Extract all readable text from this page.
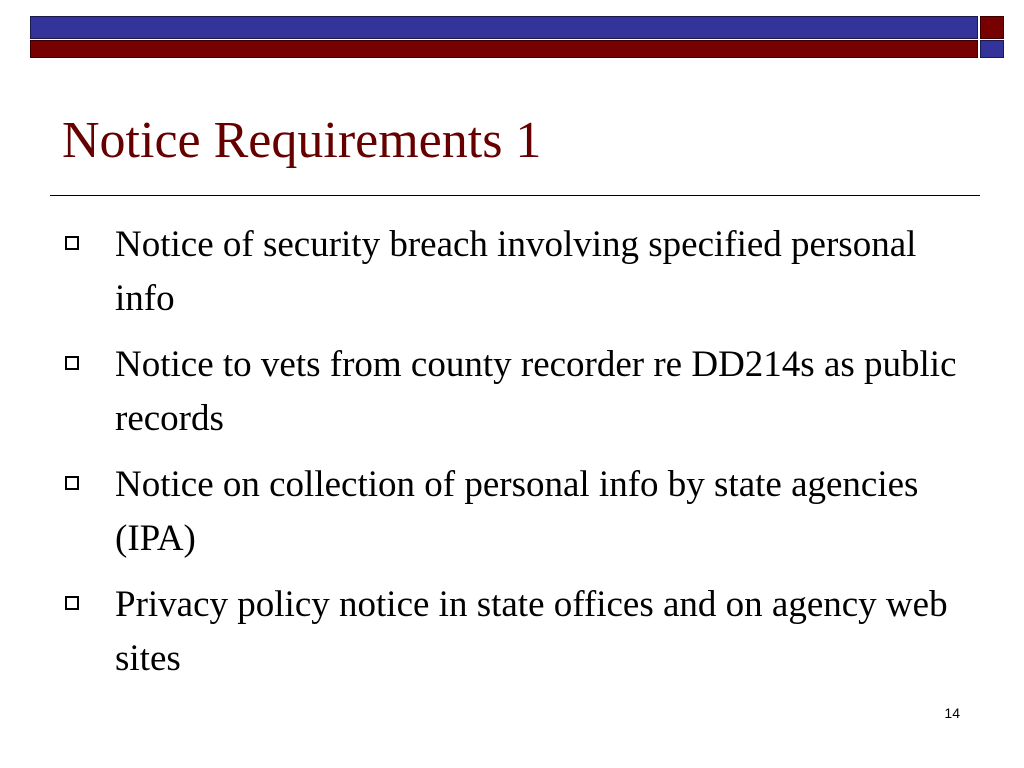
Notice Requirements 1
Notice of security breach involving specified personal info
Notice to vets from county recorder re DD214s as public records
Notice on collection of personal info by state agencies (IPA)
Privacy policy notice in state offices and on agency web sites
14
